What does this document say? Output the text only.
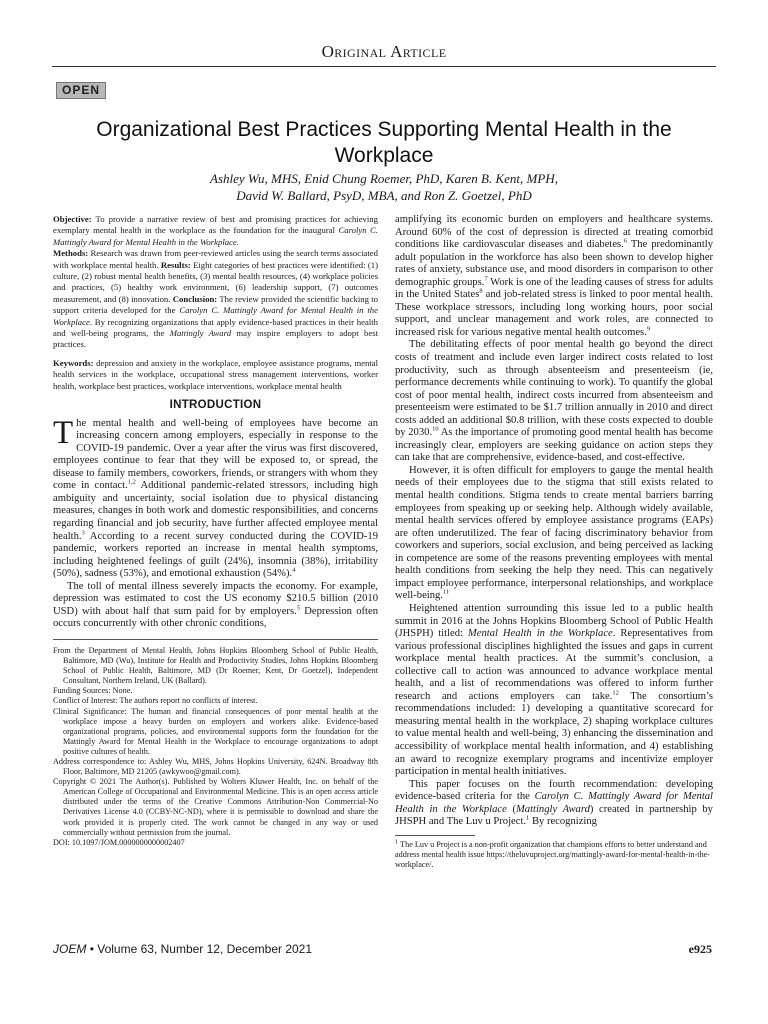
Original Article
OPEN
Organizational Best Practices Supporting Mental Health in the Workplace
Ashley Wu, MHS, Enid Chung Roemer, PhD, Karen B. Kent, MPH,
David W. Ballard, PsyD, MBA, and Ron Z. Goetzel, PhD

Objective: To provide a narrative review of best and promising practices for achieving exemplary mental health in the workplace as the foundation for the inaugural Carolyn C. Mattingly Award for Mental Health in the Workplace.
Methods: Research was drawn from peer-reviewed articles using the search terms associated with workplace mental health. Results: Eight categories of best practices were identified: (1) culture, (2) robust mental health benefits, (3) mental health resources, (4) workplace policies and practices, (5) healthy work environment, (6) leadership support, (7) outcomes measurement, and (8) innovation. Conclusion: The review provided the scientific backing to support criteria developed for the Carolyn C. Mattingly Award for Mental Health in the Workplace. By recognizing organizations that apply evidence-based practices in their health and well-being programs, the Mattingly Award may inspire employers to adopt best practices.

Keywords: depression and anxiety in the workplace, employee assistance programs, mental health services in the workplace, occupational stress management interventions, worker health, workplace best practices, workplace interventions, workplace mental health

INTRODUCTION

The mental health and well-being of employees have become an increasing concern among employers, especially in response to the COVID-19 pandemic. Over a year after the virus was first discovered, employees continue to fear that they will be exposed to, or spread, the disease to family members, coworkers, friends, or strangers with whom they come in contact.$^{1,2}$ Additional pandemic-related stressors, including high ambiguity and uncertainty, social isolation due to physical distancing measures, changes in both work and domestic responsibilities, and concerns regarding financial and job security, have further affected employee mental health.$^3$ According to a recent survey conducted during the COVID-19 pandemic, workers reported an increase in mental health symptoms, including heightened feelings of guilt (24%), insomnia (38%), irritability (50%), sadness (53%), and emotional exhaustion (54%).$^4$

The toll of mental illness severely impacts the economy. For example, depression was estimated to cost the US economy $210.5 billion (2010 USD) with about half that sum paid for by employers.$^5$ Depression often occurs concurrently with other chronic conditions,

From the Department of Mental Health, Johns Hopkins Bloomberg School of Public Health, Baltimore, MD (Wu), Institute for Health and Productivity Studies, Johns Hopkins Bloomberg School of Public Health, Baltimore, MD (Dr Roemer, Kent, Dr Goetzel), Independent Consultant, Northern Ireland, UK (Ballard).
Funding Sources: None.
Conflict of Interest: The authors report no conflicts of interest.
Clinical Significance: The human and financial consequences of poor mental health at the workplace impose a heavy burden on employers and workers alike. Evidence-based organizational programs, policies, and environmental supports form the foundation for the Mattingly Award for Mental Health in the Workplace to encourage organizations to adopt positive cultures of health.
Address correspondence to: Ashley Wu, MHS, Johns Hopkins University, 624N. Broadway 8th Floor, Baltimore, MD 21205 (awkywoo@gmail.com).
Copyright © 2021 The Author(s). Published by Wolters Kluwer Health, Inc. on behalf of the American College of Occupational and Environmental Medicine. This is an open access article distributed under the terms of the Creative Commons Attribution-Non Commercial-No Derivatives License 4.0 (CCBY-NC-ND), where it is permissible to download and share the work provided it is properly cited. The work cannot be changed in any way or used commercially without permission from the journal.
DOI: 10.1097/JOM.0000000000002407

amplifying its economic burden on employers and healthcare systems. Around 60% of the cost of depression is directed at treating comorbid conditions like cardiovascular diseases and diabetes.$^6$ The predominantly adult population in the workforce has also been shown to develop higher rates of anxiety, substance use, and mood disorders in comparison to other demographic groups.$^7$ Work is one of the leading causes of stress for adults in the United States$^8$ and job-related stress is linked to poor mental health. These workplace stressors, including long working hours, poor social support, and unclear management and work roles, are connected to increased risk for various negative mental health outcomes.$^9$

The debilitating effects of poor mental health go beyond the direct costs of treatment and include even larger indirect costs related to lost productivity, such as through absenteeism and presenteeism (ie, performance decrements while continuing to work). To quantify the global cost of poor mental health, indirect costs incurred from absenteeism and presenteeism were estimated to be $1.7 trillion annually in 2010 and direct costs added an additional $0.8 trillion, with these costs expected to double by 2030.10 As the importance of promoting good mental health has become increasingly clear, employers are seeking guidance on action steps they can take that are comprehensive, evidence-based, and cost-effective.

However, it is often difficult for employers to gauge the mental health needs of their employees due to the stigma that still exists related to mental health conditions. Stigma tends to create mental barriers barring employees from speaking up or seeking help. Although widely available, mental health services offered by employee assistance programs (EAPs) are often underutilized. The fear of facing discriminatory behavior from coworkers and superiors, social exclusion, and being perceived as lacking in competence are some of the reasons preventing employees with mental health conditions from seeking the help they need. This can negatively impact employee performance, interpersonal relationships, and workplace well-being.$^{11}$

Heightened attention surrounding this issue led to a public health summit in 2016 at the Johns Hopkins Bloomberg School of Public Health (JHSPH) titled: Mental Health in the Workplace. Representatives from various professional disciplines highlighted the issues and gaps in current workplace mental health practices. At the summit’s conclusion, a collective call to action was announced to advance workplace mental health, and a list of recommendations was offered to inform further research and actions employers can take.$^{12}$ The consortium’s recommendations included: 1) developing a quantitative scorecard for measuring mental health in the workplace, 2) shaping workplace cultures to value mental health and well-being, 3) enhancing the dissemination and accessibility of workplace mental health information, and 4) establishing an award to recognize exemplary programs and incentivize employer participation in mental health initiatives.

This paper focuses on the fourth recommendation: developing evidence-based criteria for the Carolyn C. Mattingly Award for Mental Health in the Workplace (Mattingly Award) created in partnership by JHSPH and The Luv u Project.$^1$ By recognizing

$^1$ The Luv u Project is a non-profit organization that champions efforts to better understand and address mental health issue https://theluvuproject.org/mattingly-award-for-mental-health-in-the-workplace/.
JOEM • Volume 63, Number 12, December 2021	e925
